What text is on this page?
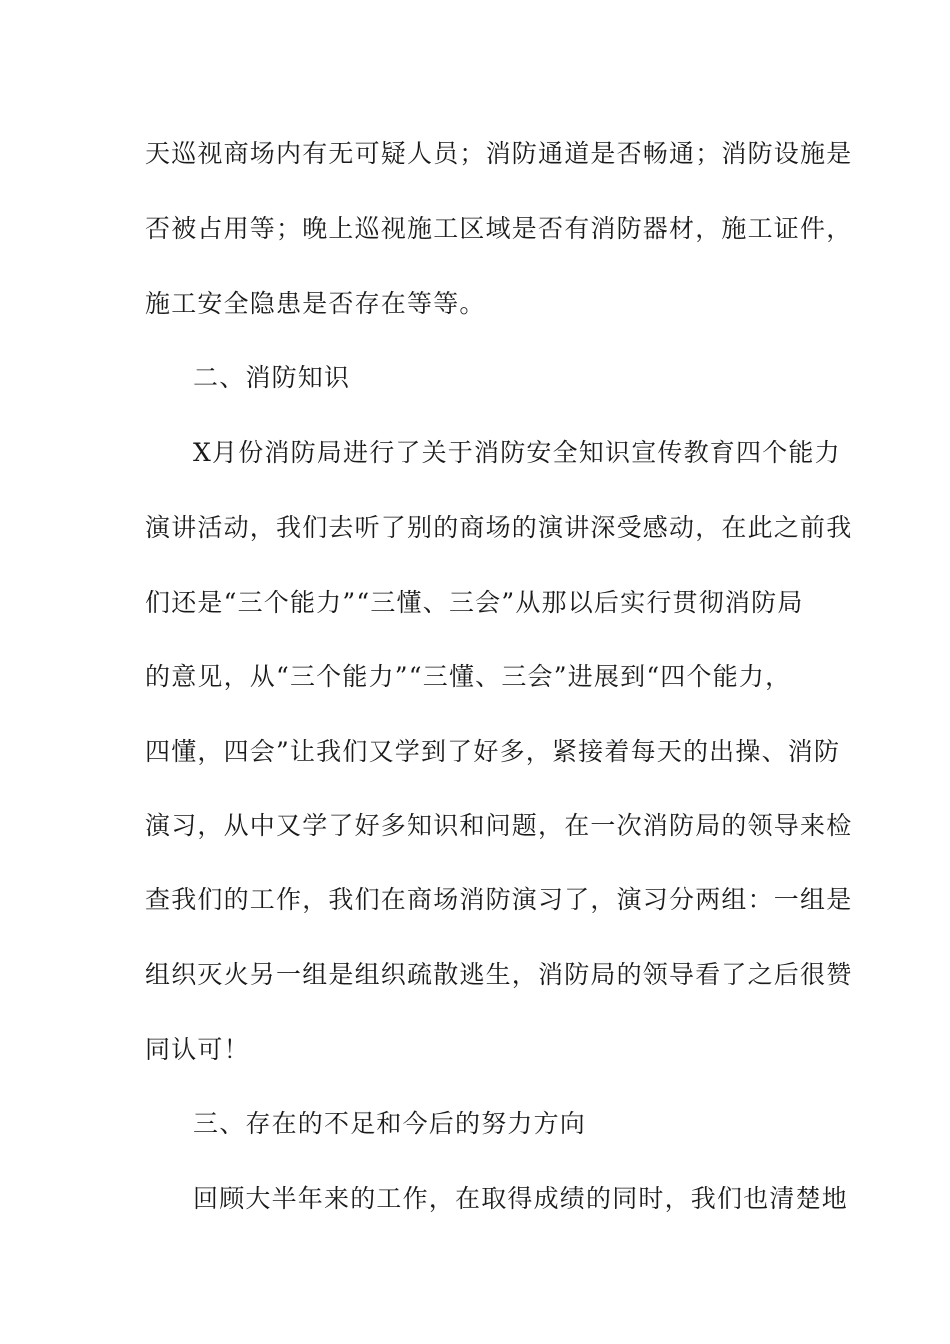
天巡视商场内有无可疑人员；消防通道是否畅通；消防设施是
否被占用等；晚上巡视施工区域是否有消防器材，施工证件，
施工安全隐患是否存在等等。
二、消防知识
X月份消防局进行了关于消防安全知识宣传教育四个能力
演讲活动，我们去听了别的商场的演讲深受感动，在此之前我
们还是“三个能力”“三懂、三会”从那以后实行贯彻消防局
的意见，从“三个能力”“三懂、三会”进展到“四个能力，
四懂，四会”让我们又学到了好多，紧接着每天的出操、消防
演习，从中又学了好多知识和问题，在一次消防局的领导来检
查我们的工作，我们在商场消防演习了，演习分两组：一组是
组织灭火另一组是组织疏散逃生，消防局的领导看了之后很赞
同认可！
三、存在的不足和今后的努力方向
回顾大半年来的工作，在取得成绩的同时，我们也清楚地
